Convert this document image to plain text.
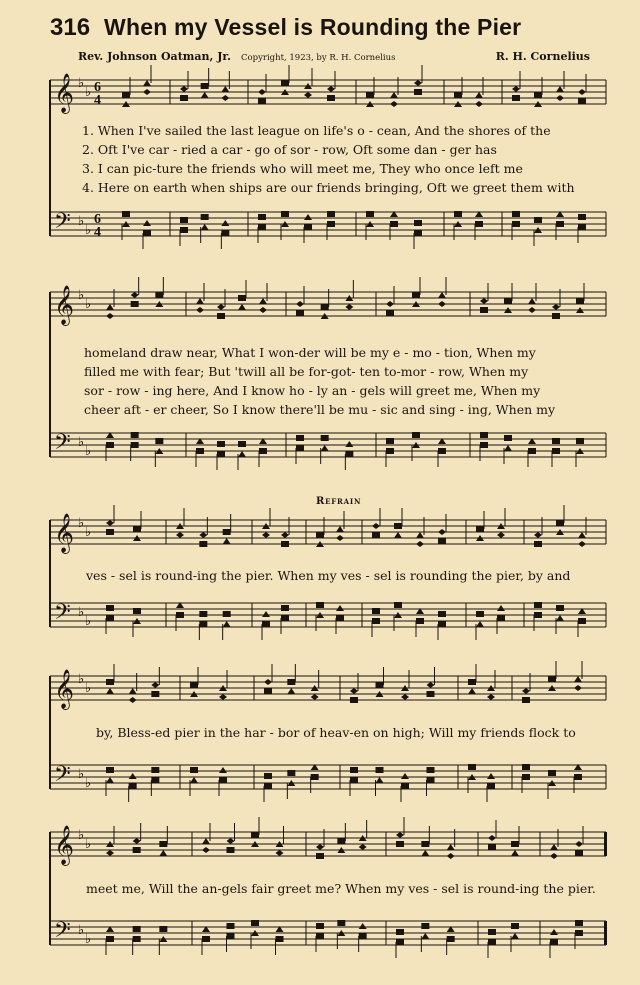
316 When my Vessel is Rounding the Pier
Rev. Johnson Oatman, Jr. Copyright, 1923, by R. H. Cornelius	R. H. Cornelius
𝄞
𝄢
♭
♭
♭
♭
6
4
6
4
1. When I've sailed the last league on life's o - cean, And the shores of the
2. Oft I've car - ried a car - go of sor - row, Oft some dan - ger has
3. I can pic-ture the friends who will meet me, They who once left me
4. Here on earth when ships are our friends bringing, Oft we greet them with
𝄞
𝄢
♭
♭
♭
♭
homeland draw near, What I won-der will be my e - mo - tion, When my
filled me with fear; But 'twill all be for-got- ten to-mor - row, When my
sor - row - ing here, And I know ho - ly an - gels will greet me, When my
cheer aft - er cheer, So I know there'll be mu - sic and sing - ing, When my
Refrain
𝄞
𝄢
♭
♭
♭
♭
ves - sel is round-ing the pier. When my ves - sel is rounding the pier, by and
𝄞
𝄢
♭
♭
♭
♭
by, Bless-ed pier in the har - bor of heav-en on high; Will my friends flock to
𝄞
𝄢
♭
♭
♭
♭
meet me, Will the an-gels fair greet me? When my ves - sel is round-ing the pier.
